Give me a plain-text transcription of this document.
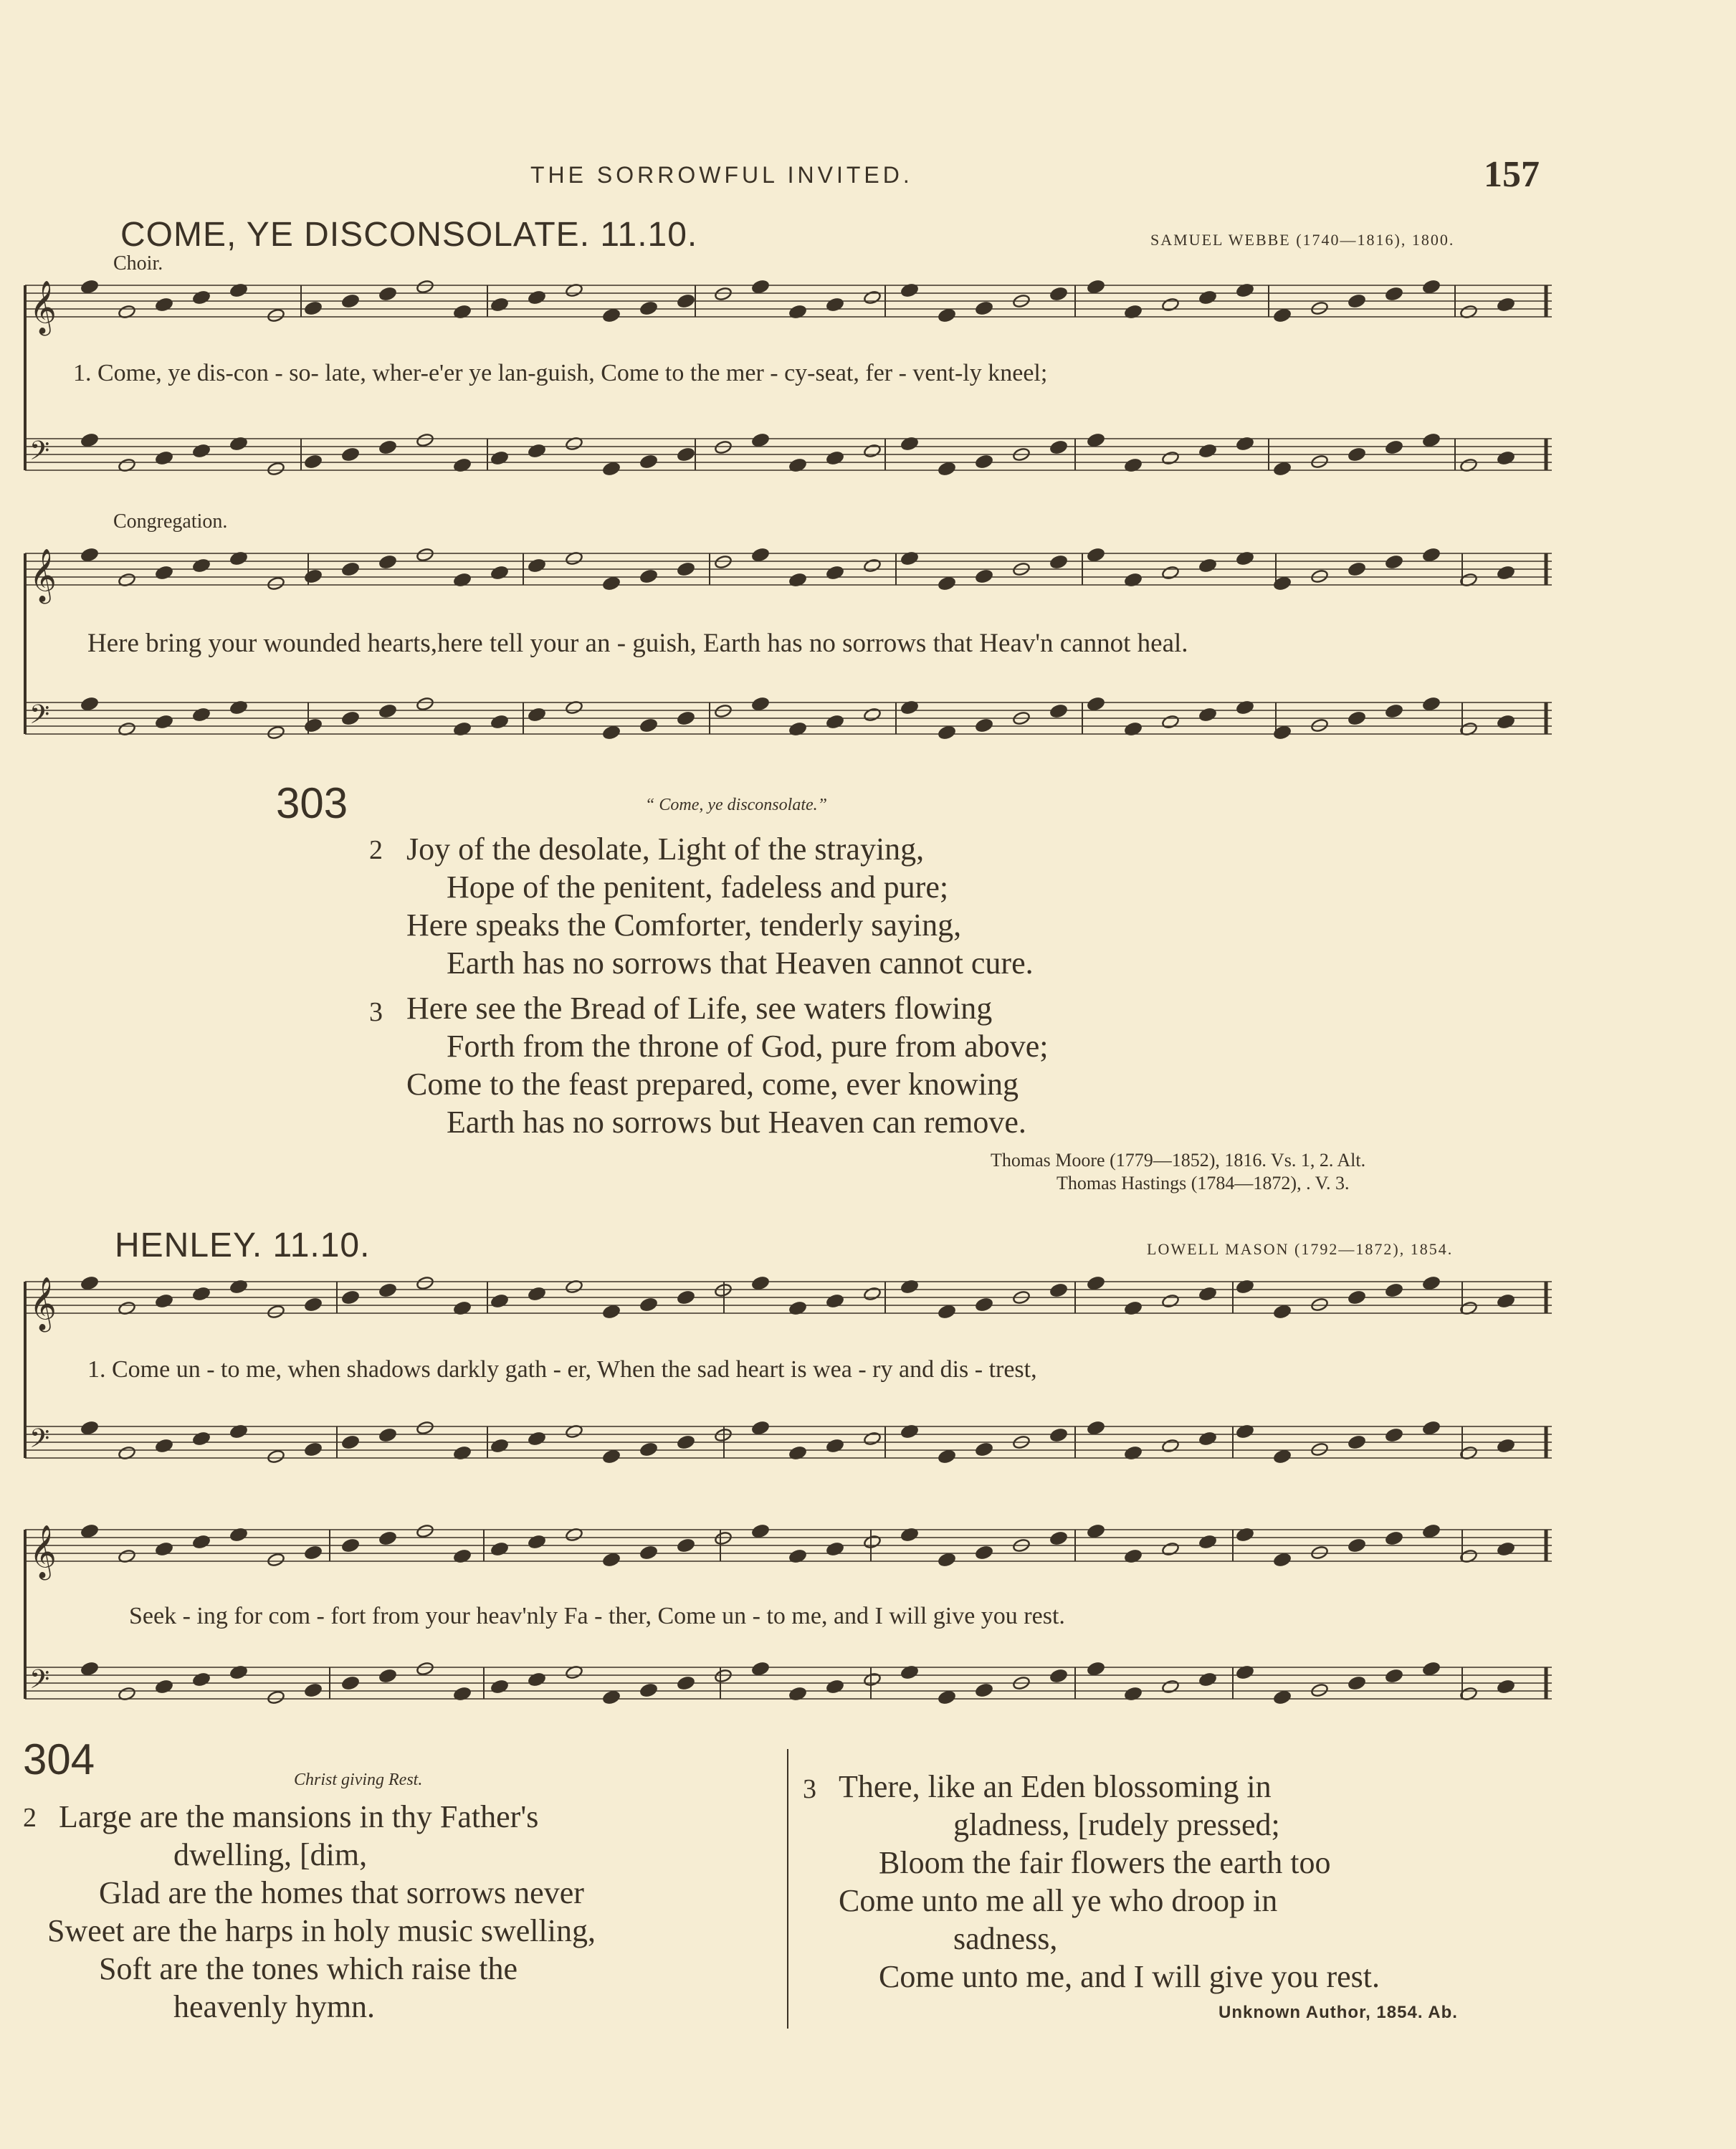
THE SORROWFUL INVITED.	157
COME, YE DISCONSOLATE. 11.10.	SAMUEL WEBBE (1740—1816), 1800.
Choir.
𝄞
𝄢
𝄞
𝄢
𝄞
𝄢
𝄞
𝄢
1. Come, ye dis-con - so- late, wher-e'er ye lan-guish, Come to the mer - cy-seat, fer - vent-ly kneel;
Congregation.
Here bring your wounded hearts,here tell your an - guish, Earth has no sorrows that Heav'n cannot heal.
303	“ Come, ye disconsolate.”
2 Joy of the desolate, Light of the straying,
Hope of the penitent, fadeless and pure;
Here speaks the Comforter, tenderly saying,
Earth has no sorrows that Heaven cannot cure.
3 Here see the Bread of Life, see waters flowing
Forth from the throne of God, pure from above;
Come to the feast prepared, come, ever knowing
Earth has no sorrows but Heaven can remove.
Thomas Moore (1779—1852), 1816. Vs. 1, 2. Alt.
Thomas Hastings (1784—1872), . V. 3.
HENLEY. 11.10.	LOWELL MASON (1792—1872), 1854.
1. Come un - to me, when shadows darkly gath - er, When the sad heart is wea - ry and dis - trest,
Seek - ing for com - fort from your heav'nly Fa - ther, Come un - to me, and I will give you rest.
304	Christ giving Rest.
2 Large are the mansions in thy Father's
dwelling, [dim,
Glad are the homes that sorrows never
Sweet are the harps in holy music swelling,
Soft are the tones which raise the
heavenly hymn.
3 There, like an Eden blossoming in
gladness, [rudely pressed;
Bloom the fair flowers the earth too
Come unto me all ye who droop in
sadness,
Come unto me, and I will give you rest.
Unknown Author, 1854. Ab.
